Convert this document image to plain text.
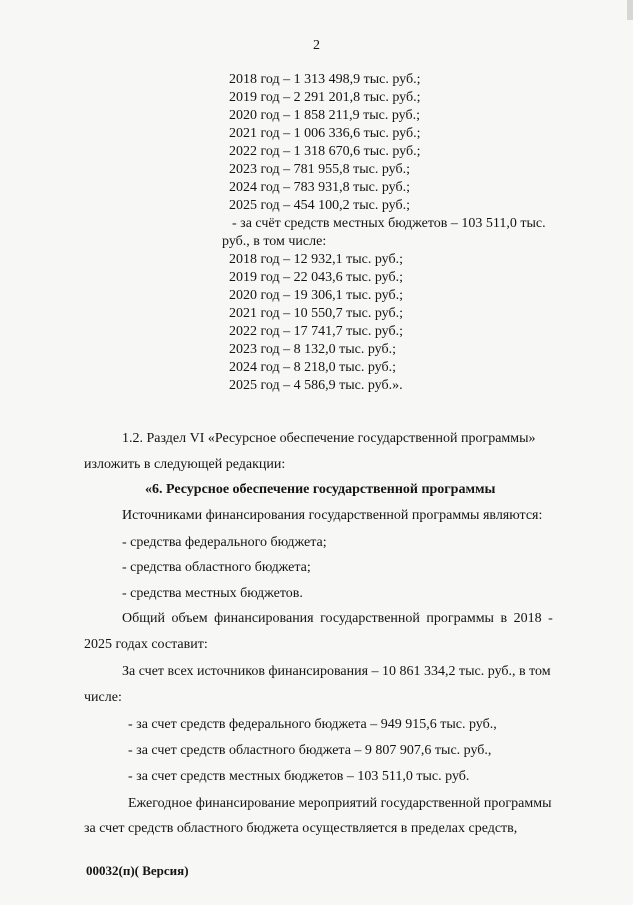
2
2018 год – 1 313 498,9 тыс. руб.;
2019 год – 2 291 201,8 тыс. руб.;
2020 год – 1 858 211,9 тыс. руб.;
2021 год – 1 006 336,6 тыс. руб.;
2022 год – 1 318 670,6 тыс. руб.;
2023 год – 781 955,8 тыс. руб.;
2024 год – 783 931,8 тыс. руб.;
2025 год – 454 100,2 тыс. руб.;
- за счёт средств местных бюджетов – 103 511,0 тыс.
руб., в том числе:
2018 год – 12 932,1 тыс. руб.;
2019 год – 22 043,6 тыс. руб.;
2020 год – 19 306,1 тыс. руб.;
2021 год – 10 550,7 тыс. руб.;
2022 год – 17 741,7 тыс. руб.;
2023 год – 8 132,0 тыс. руб.;
2024 год – 8 218,0 тыс. руб.;
2025 год – 4 586,9 тыс. руб.».
1.2. Раздел VI «Ресурсное обеспечение государственной программы»
изложить в следующей редакции:
«6. Ресурсное обеспечение государственной программы
Источниками финансирования государственной программы являются:
- средства федерального бюджета;
- средства областного бюджета;
- средства местных бюджетов.
Общий объем финансирования государственной программы в 2018 -
2025 годах составит:
За счет всех источников финансирования – 10 861 334,2 тыс. руб., в том
числе:
- за счет средств федерального бюджета – 949 915,6 тыс. руб.,
- за счет средств областного бюджета – 9 807 907,6 тыс. руб.,
- за счет средств местных бюджетов – 103 511,0 тыс. руб.
Ежегодное финансирование мероприятий государственной программы
за счет средств областного бюджета осуществляется в пределах средств,
00032(п)( Версия)
